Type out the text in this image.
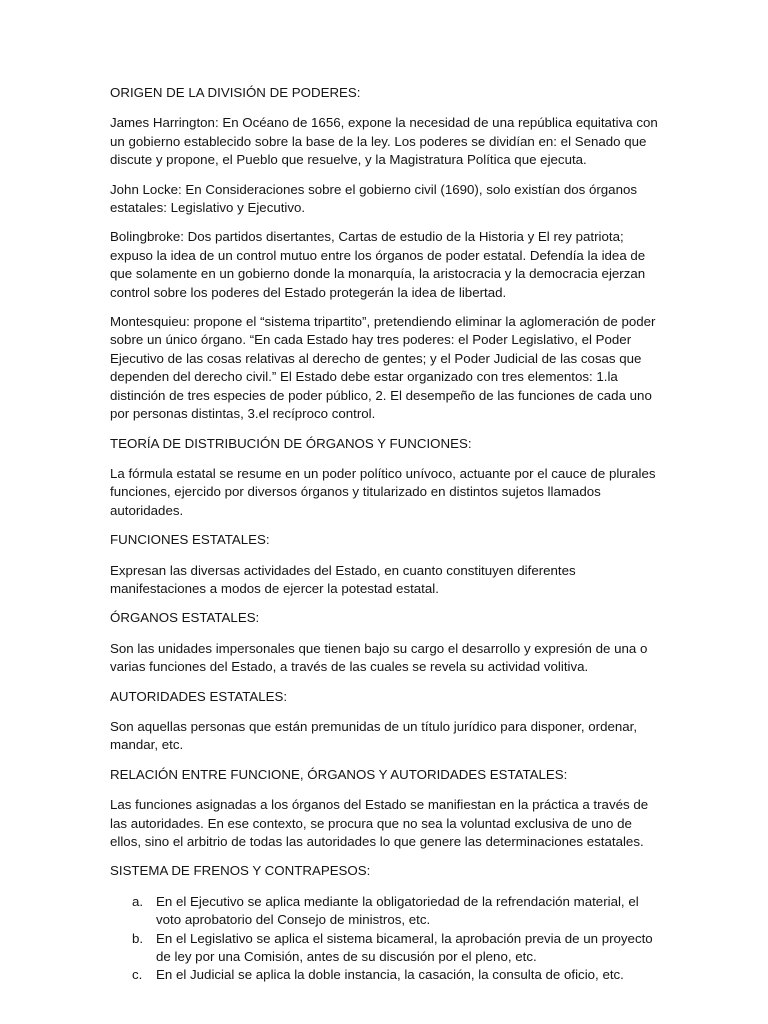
ORIGEN DE LA DIVISIÓN DE PODERES:

James Harrington: En Océano de 1656, expone la necesidad de una república equitativa con un gobierno establecido sobre la base de la ley. Los poderes se dividían en: el Senado que discute y propone, el Pueblo que resuelve, y la Magistratura Política que ejecuta.

John Locke: En Consideraciones sobre el gobierno civil (1690), solo existían dos órganos estatales: Legislativo y Ejecutivo.

Bolingbroke: Dos partidos disertantes, Cartas de estudio de la Historia y El rey patriota; expuso la idea de un control mutuo entre los órganos de poder estatal. Defendía la idea de que solamente en un gobierno donde la monarquía, la aristocracia y la democracia ejerzan control sobre los poderes del Estado protegerán la idea de libertad.

Montesquieu: propone el “sistema tripartito”, pretendiendo eliminar la aglomeración de poder sobre un único órgano. “En cada Estado hay tres poderes: el Poder Legislativo, el Poder Ejecutivo de las cosas relativas al derecho de gentes; y el Poder Judicial de las cosas que dependen del derecho civil.” El Estado debe estar organizado con tres elementos: 1.la distinción de tres especies de poder público, 2. El desempeño de las funciones de cada uno por personas distintas, 3.el recíproco control.

TEORÍA DE DISTRIBUCIÓN DE ÓRGANOS Y FUNCIONES:

La fórmula estatal se resume en un poder político unívoco, actuante por el cauce de plurales funciones, ejercido por diversos órganos y titularizado en distintos sujetos llamados autoridades.

FUNCIONES ESTATALES:

Expresan las diversas actividades del Estado, en cuanto constituyen diferentes manifestaciones a modos de ejercer la potestad estatal.

ÓRGANOS ESTATALES:

Son las unidades impersonales que tienen bajo su cargo el desarrollo y expresión de una o varias funciones del Estado, a través de las cuales se revela su actividad volitiva.

AUTORIDADES ESTATALES:

Son aquellas personas que están premunidas de un título jurídico para disponer, ordenar, mandar, etc.

RELACIÓN ENTRE FUNCIONE, ÓRGANOS Y AUTORIDADES ESTATALES:

Las funciones asignadas a los órganos del Estado se manifiestan en la práctica a través de las autoridades. En ese contexto, se procura que no sea la voluntad exclusiva de uno de ellos, sino el arbitrio de todas las autoridades lo que genere las determinaciones estatales.

SISTEMA DE FRENOS Y CONTRAPESOS:

a. En el Ejecutivo se aplica mediante la obligatoriedad de la refrendación material, el voto aprobatorio del Consejo de ministros, etc.
b. En el Legislativo se aplica el sistema bicameral, la aprobación previa de un proyecto de ley por una Comisión, antes de su discusión por el pleno, etc.
c. En el Judicial se aplica la doble instancia, la casación, la consulta de oficio, etc.
